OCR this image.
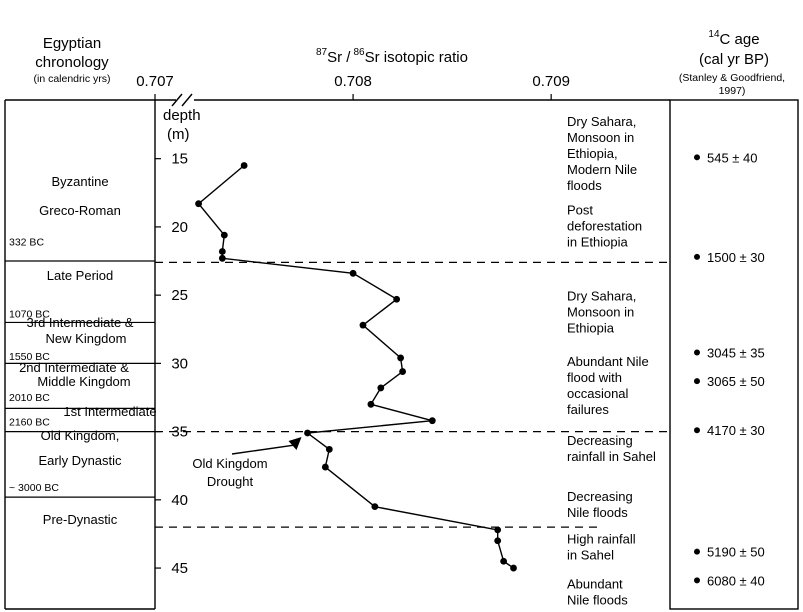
Egyptian
chronology
(in calendric yrs)
$^{87}$Sr / $^{86}$Sr isotopic ratio
$^{14}$C age
(cal yr BP)
(Stanley & Goodfriend,
1997)
0.707	0.708	0.709
depth
(m)
15
20
25
30
35
40
45
Byzantine
Greco-Roman
Late Period
3rd Intermediate &
New Kingdom
2nd Intermediate &
Middle Kingdom
1st Intermediate
Old Kingdom,
Early Dynastic
Pre-Dynastic
332 BC
1070 BC
1550 BC
2010 BC
2160 BC
~ 3000 BC
Dry Sahara,
Monsoon in
Ethiopia,
Modern Nile
floods
Post
deforestation
in Ethiopia
Dry Sahara,
Monsoon in
Ethiopia
Abundant Nile
flood with
occasional
failures
Decreasing
rainfall in Sahel
Decreasing
Nile floods
High rainfall
in Sahel
Abundant
Nile floods
545 ± 40
1500 ± 30
3045 ± 35
3065 ± 50
4170 ± 30
5190 ± 50
6080 ± 40
Old Kingdom
Drought
